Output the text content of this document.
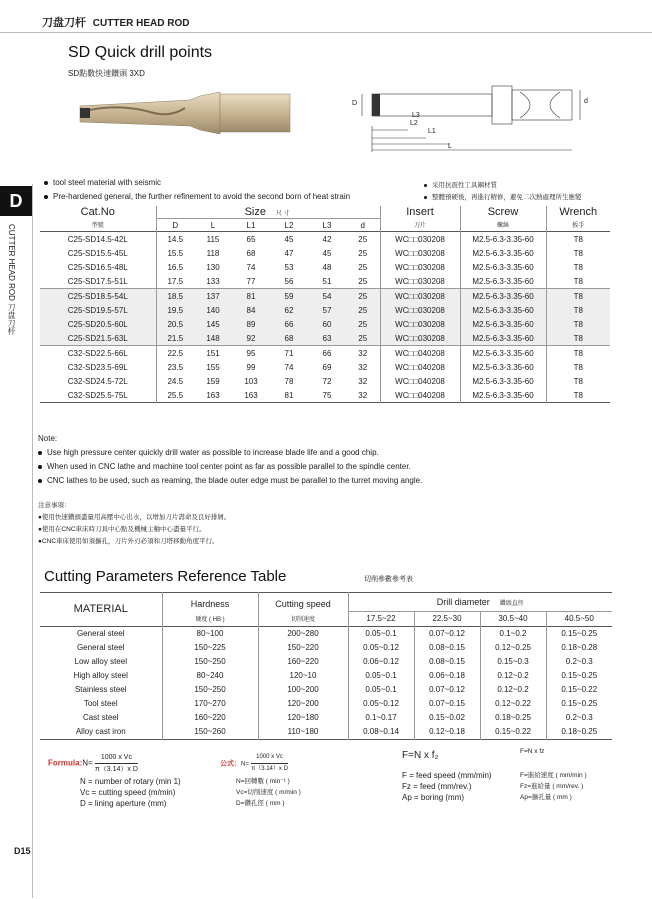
刀盘刀杆 CUTTER HEAD ROD
SD Quick drill points
SD點數快速鑽頭 3XD
D	d
L3
L2
L1
L
D
CUTTER HEAD ROD 刀盘刀杆
tool steel material with seismic
Pre-hardened general, the further refinement to avoid the second born of heat strain
采用抗震性工具鋼材質
整體預硬後，再進行精修，避免二次熱處理所生應變
Cat.No	Size			尺 寸			Insert	Screw	Wrench
型號	D	L	L1	L2	L3	d	刀片	螺絲	扳手
C25-SD14.5-42L	14.5	115	65	45	42	25	WC□□030208	M2.5-6.3-3.35-60	T8
C25-SD15.5-45L	15.5	118	68	47	45	25	WC□□030208	M2.5-6.3-3.35-60	T8
C25-SD16.5-48L	16.5	130	74	53	48	25	WC□□030208	M2.5-6.3-3.35-60	T8
C25-SD17.5-51L	17.5	133	77	56	51	25	WC□□030208	M2.5-6.3-3.35-60	T8
C25-SD18.5-54L	18.5	137	81	59	54	25	WC□□030208	M2.5-6.3-3.35-60	T8
C25-SD19.5-57L	19.5	140	84	62	57	25	WC□□030208	M2.5-6.3-3.35-60	T8
C25-SD20.5-60L	20.5	145	89	66	60	25	WC□□030208	M2.5-6.3-3.35-60	T8
C25-SD21.5-63L	21.5	148	92	68	63	25	WC□□030208	M2.5-6.3-3.35-60	T8
C32-SD22.5-66L	22.5	151	95	71	66	32	WC□□040208	M2.5-6.3-3.35-60	T8
C32-SD23.5-69L	23.5	155	99	74	69	32	WC□□040208	M2.5-6.3-3.35-60	T8
C32-SD24.5-72L	24.5	159	103	78	72	32	WC□□040208	M2.5-6.3-3.35-60	T8
C32-SD25.5-75L	25.5	163	163	81	75	32	WC□□040208	M2.5-6.3-3.35-60	T8
Note:
Use high pressure center quickly drill water as possible to increase blade life and a good chip.
When used in CNC lathe and machine tool center point as far as possible parallel to the spindle center.
CNC lathes to be used, such as reaming, the blade outer edge must be parallel to the turret moving angle.
注意事項：
●使用快速鑽頭盡量用高壓中心出水，以增加刀片壽命及良好排屑。
●使用在CNC車床時刀具中心點及機械主軸中心盡量平行。
●CNC車床使用如須擴孔，刀片外刃必須和刀塔移動角度平行。
Cutting Parameters Reference Table	切削參數參考表
MATERIAL	Hardness	Cutting speed	Drill diameter 鑽頭直徑			
	硬度 ( HB )	切削速度	17.5~22	22.5~30	30.5~40	40.5~50
General steel	80~100	200~280	0.05~0.1	0.07~0.12	0.1~0.2	0.15~0.25
General steel	150~225	150~220	0.05~0.12	0.08~0.15	0.12~0.25	0.18~0.28
Low alloy steel	150~250	160~220	0.06~0.12	0.08~0.15	0.15~0.3	0.2~0.3
High alloy steel	80~240	120~10	0.05~0.1	0.06~0.18	0.12~0.2	0.15~0.25
Stainless steel	150~250	100~200	0.05~0.1	0.07~0.12	0.12~0.2	0.15~0.22
Tool steel	170~270	120~200	0.05~0.12	0.07~0.15	0.12~0.22	0.15~0.25
Cast steel	160~220	120~180	0.1~0.17	0.15~0.02	0.18~0.25	0.2~0.3
Alloy cast iron	150~260	110~180	0.08~0.14	0.12~0.18	0.15~0.22	0.18~0.25
Formula:N= $\frac{\text{1000 x Vc}}{\text{π（3.14）x D}}$
N = number of rotary (min 1)
Vc = cutting speed (m/min)
D = lining aperture (mm)
公式：$N= \frac{\text{1000 x Vc}}{\text{π（3.14）x D}}$
N=回轉數 ( min⁻¹ )
Vc=切削速度 ( m/min )
D=鑽孔徑 ( mm )
F=N x f₂
F = feed speed (mm/min)
Fz = feed (mm/rev.)
Ap = boring (mm)
F=N x fz
F=進給速度 ( mm/min )
Fz=進給量 ( mm/rev. )
Ap=擴孔量 ( mm )
D15
